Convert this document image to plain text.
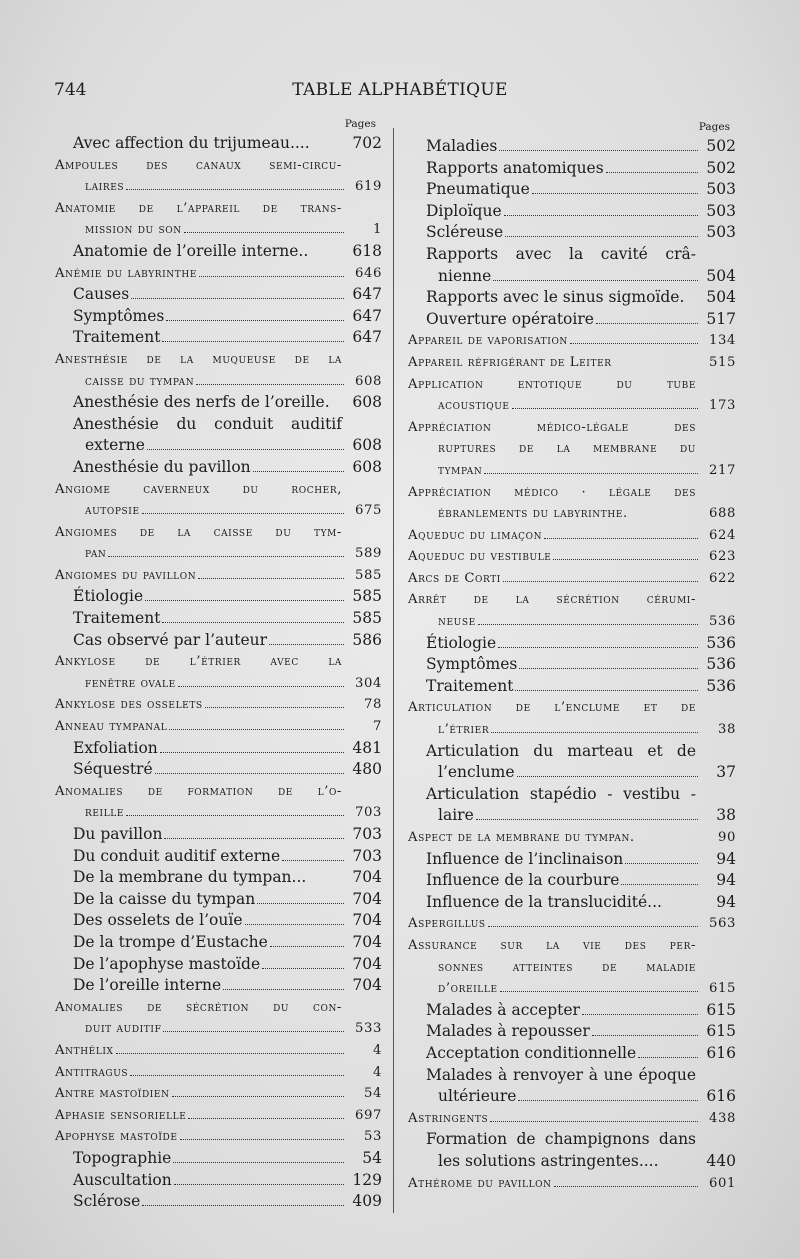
744	TABLE ALPHABÉTIQUE
Pages
Avec affection du trijumeau....	702
Ampoules des canaux semi-circu-
laires	619
Anatomie de l’appareil de trans-
mission du son	1
Anatomie de l’oreille interne..	618
Anémie du labyrinthe	646
Causes	647
Symptômes	647
Traitement	647
Anesthésie de la muqueuse de la
caisse du tympan	608
Anesthésie des nerfs de l’oreille.	608
Anesthésie du conduit auditif
externe	608
Anesthésie du pavillon	608
Angiome caverneux du rocher,
autopsie	675
Angiomes de la caisse du tym-
pan	589
Angiomes du pavillon	585
Étiologie	585
Traitement	585
Cas observé par l’auteur	586
Ankylose de l’étrier avec la
fenêtre ovale	304
Ankylose des osselets	78
Anneau tympanal	7
Exfoliation	481
Séquestré	480
Anomalies de formation de l’o-
reille	703
Du pavillon	703
Du conduit auditif externe	703
De la membrane du tympan...	704
De la caisse du tympan	704
Des osselets de l’ouïe	704
De la trompe d’Eustache	704
De l’apophyse mastoïde	704
De l’oreille interne	704
Anomalies de sécrétion du con-
duit auditif	533
Anthélix	4
Antitragus	4
Antre mastoïdien	54
Aphasie sensorielle	697
Apophyse mastoïde	53
Topographie	54
Auscultation	129
Sclérose	409
Pages
Maladies	502
Rapports anatomiques	502
Pneumatique	503
Diploïque	503
Scléreuse	503
Rapports avec la cavité crâ-
nienne	504
Rapports avec le sinus sigmoïde.	504
Ouverture opératoire	517
Appareil de vaporisation	134
Appareil réfrigérant de Leiter	515
Application entotique du tube
acoustique	173
Appréciation médico-légale des
ruptures de la membrane du
tympan	217
Appréciation médico · légale des
ébranlements du labyrinthe.	688
Aqueduc du limaçon	624
Aqueduc du vestibule	623
Arcs de Corti	622
Arrêt de la sécrétion cérumi-
neuse	536
Étiologie	536
Symptômes	536
Traitement	536
Articulation de l’enclume et de
l’étrier	38
Articulation du marteau et de
l’enclume	37
Articulation stapédio - vestibu -
laire	38
Aspect de la membrane du tympan.	90
Influence de l’inclinaison	94
Influence de la courbure	94
Influence de la translucidité...	94
Aspergillus	563
Assurance sur la vie des per-
sonnes atteintes de maladie
d’oreille	615
Malades à accepter	615
Malades à repousser	615
Acceptation conditionnelle	616
Malades à renvoyer à une époque
ultérieure	616
Astringents	438
Formation de champignons dans
les solutions astringentes....	440
Athérome du pavillon	601
